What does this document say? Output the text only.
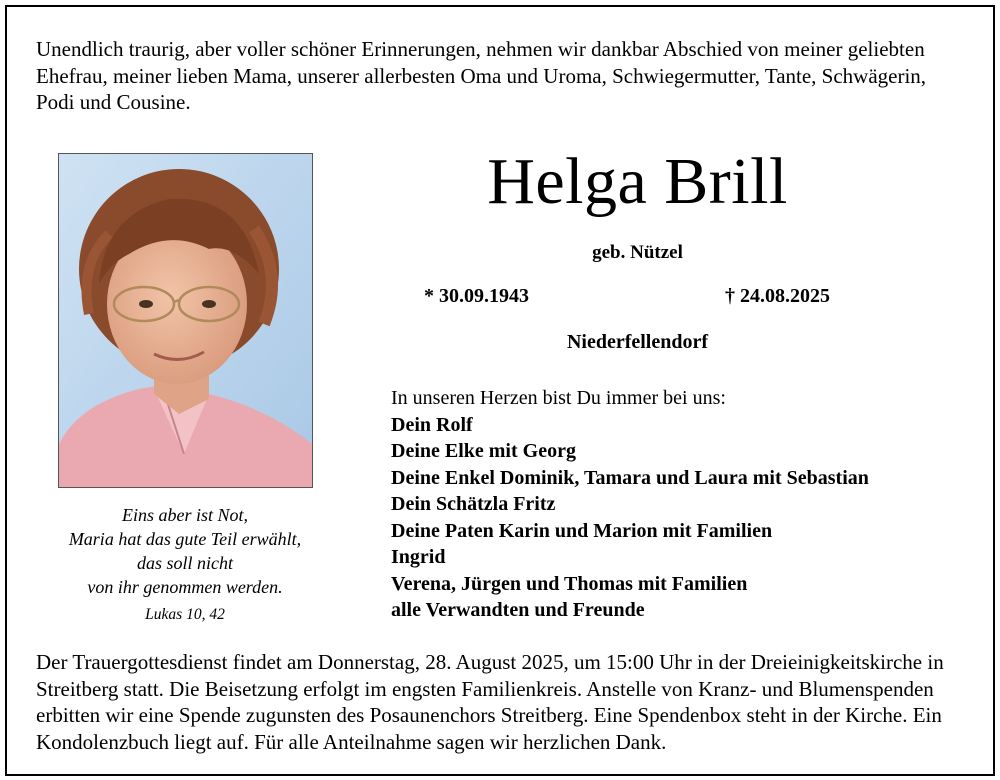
Unendlich traurig, aber voller schöner Erinnerungen, nehmen wir dankbar Abschied von meiner geliebten Ehefrau, meiner lieben Mama, unserer allerbesten Oma und Uroma, Schwiegermutter, Tante, Schwägerin, Podi und Cousine.

Eins aber ist Not,
Maria hat das gute Teil erwählt,
das soll nicht
von ihr genommen werden.
Lukas 10, 42
Helga Brill
geb. Nützel
* 30.09.1943	† 24.08.2025
Niederfellendorf
In unseren Herzen bist Du immer bei uns:
Dein Rolf
Deine Elke mit Georg
Deine Enkel Dominik, Tamara und Laura mit Sebastian
Dein Schätzla Fritz
Deine Paten Karin und Marion mit Familien
Ingrid
Verena, Jürgen und Thomas mit Familien
alle Verwandten und Freunde

Der Trauergottesdienst findet am Donnerstag, 28. August 2025, um 15:00 Uhr in der Dreieinigkeitskirche in Streitberg statt. Die Beisetzung erfolgt im engsten Familienkreis. Anstelle von Kranz- und Blumenspenden erbitten wir eine Spende zugunsten des Posaunenchors Streitberg. Eine Spendenbox steht in der Kirche. Ein Kondolenzbuch liegt auf. Für alle Anteilnahme sagen wir herzlichen Dank.
